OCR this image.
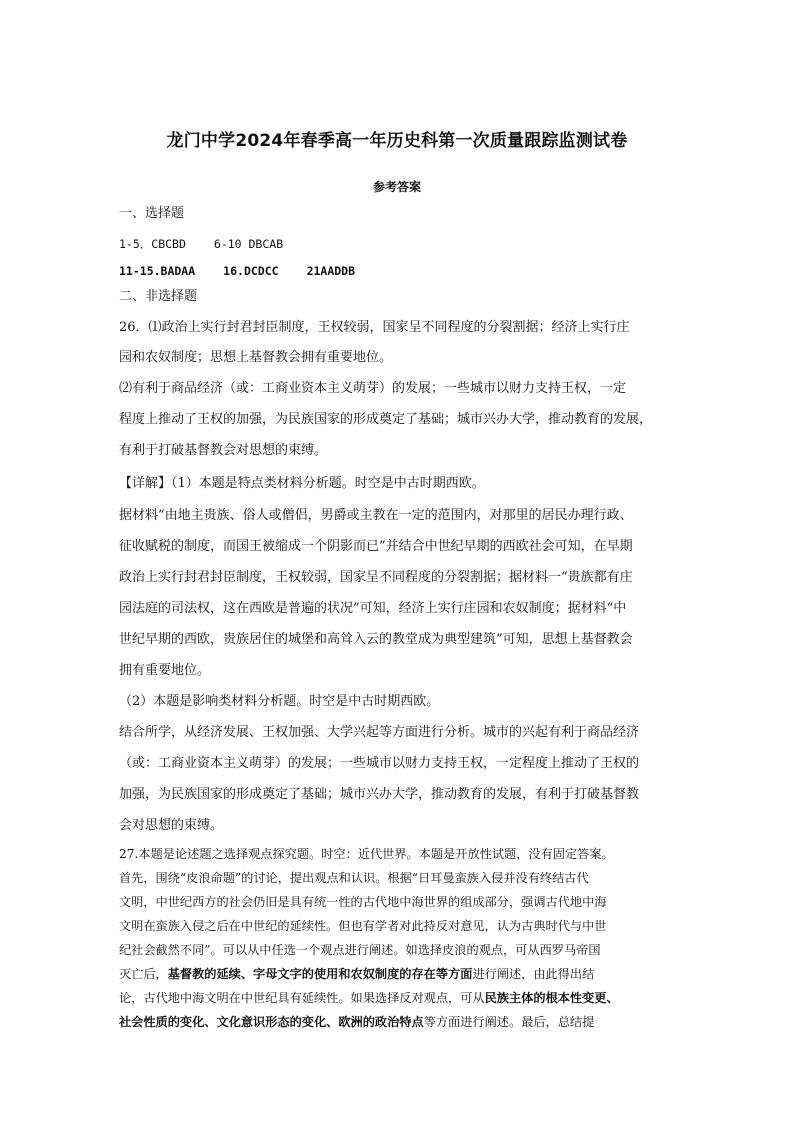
龙门中学2024年春季高一年历史科第一次质量跟踪监测试卷
参考答案
一、选择题
1-5．CBCBD 6-10 DBCAB
11-15.BADAA 16.DCDCC 21AADDB
二、非选择题
26．⑴政治上实行封君封臣制度，王权较弱，国家呈不同程度的分裂割据；经济上实行庄
园和农奴制度；思想上基督教会拥有重要地位。
⑵有利于商品经济（或：工商业资本主义萌芽）的发展；一些城市以财力支持王权，一定
程度上推动了王权的加强，为民族国家的形成奠定了基础；城市兴办大学，推动教育的发展，
有利于打破基督教会对思想的束缚。
【详解】（1）本题是特点类材料分析题。时空是中古时期西欧。
据材料“由地主贵族、俗人或僧侣，男爵或主教在一定的范围内，对那里的居民办理行政、
征收赋税的制度，而国王被缩成一个阴影而已”并结合中世纪早期的西欧社会可知，在早期
政治上实行封君封臣制度，王权较弱，国家呈不同程度的分裂割据；据材料一“贵族都有庄
园法庭的司法权，这在西欧是普遍的状况”可知，经济上实行庄园和农奴制度；据材料“中
世纪早期的西欧，贵族居住的城堡和高耸入云的教堂成为典型建筑”可知，思想上基督教会
拥有重要地位。
（2）本题是影响类材料分析题。时空是中古时期西欧。
结合所学，从经济发展、王权加强、大学兴起等方面进行分析。城市的兴起有利于商品经济
（或：工商业资本主义萌芽）的发展；一些城市以财力支持王权，一定程度上推动了王权的
加强，为民族国家的形成奠定了基础；城市兴办大学，推动教育的发展，有利于打破基督教
会对思想的束缚。
27.本题是论述题之选择观点探究题。时空：近代世界。本题是开放性试题，没有固定答案。
首先，围绕“皮浪命题”的讨论，提出观点和认识。根据“日耳曼蛮族入侵并没有终结古代
文明，中世纪西方的社会仍旧是具有统一性的古代地中海世界的组成部分，强调古代地中海
文明在蛮族入侵之后在中世纪的延续性。但也有学者对此持反对意见，认为古典时代与中世
纪社会截然不同”。可以从中任选一个观点进行阐述。如选择皮浪的观点，可从西罗马帝国
灭亡后，基督教的延续、字母文字的使用和农奴制度的存在等方面进行阐述，由此得出结
论，古代地中海文明在中世纪具有延续性。如果选择反对观点，可从民族主体的根本性变更、
社会性质的变化、文化意识形态的变化、欧洲的政治特点等方面进行阐述。最后，总结提
